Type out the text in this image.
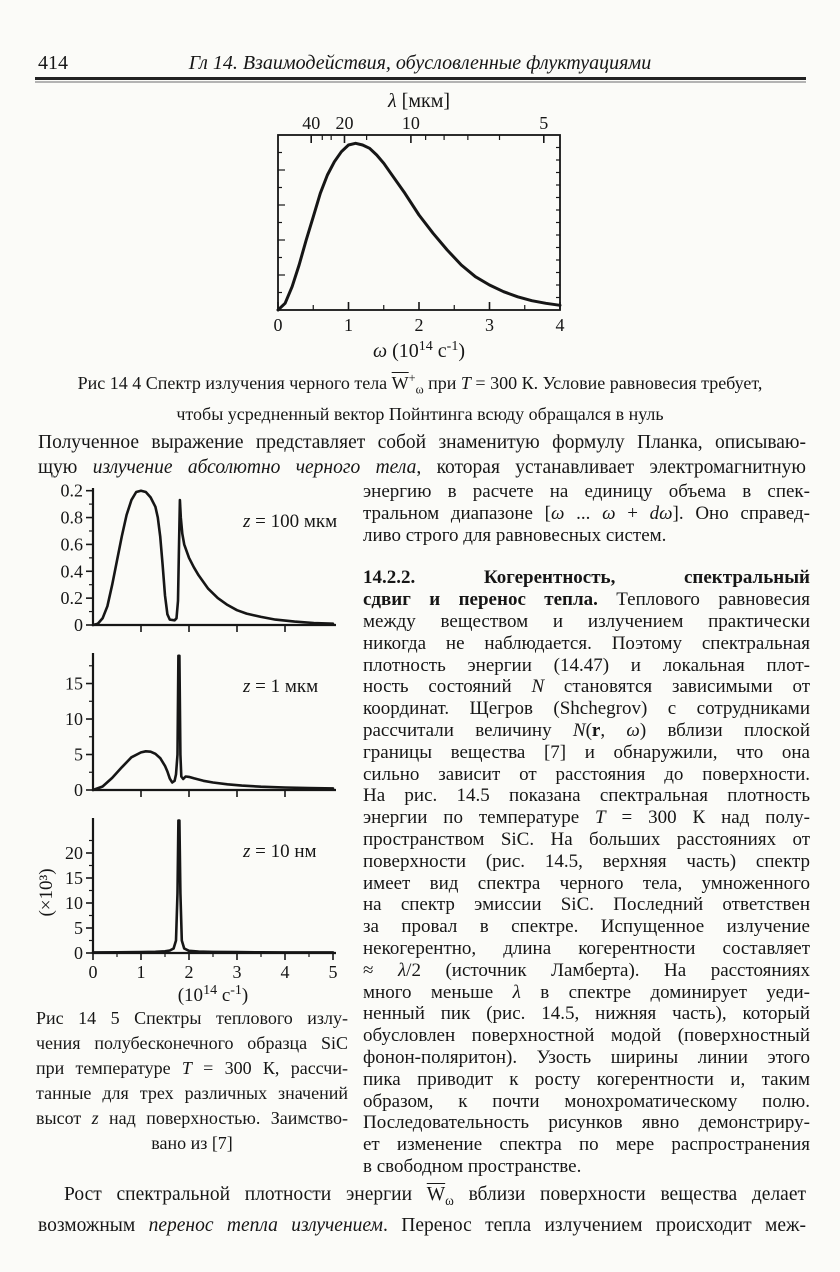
414	Гл 14. Взаимодействия, обусловленные флуктуациями
0	1	2	3	4
40 20	10	5
λ [мкм]
ω ($10^{14}$ $c^{-1}$)
0
0.2
0.4
0.6
0.8
0.2
z = 100 мкм
0
5
10
15	z = 1 мкм
0
5
10
15
20
0 1 2 3 4 5
($10^{14}$ $c^{-1}$)
(×10³)
z = 10 нм
Рис 14 4 Спектр излучения черного тела $\overline{W}^+_\omega$ при T = 300 К. Условие равновесия требует,
чтобы усредненный вектор Пойнтинга всюду обращался в нуль
Полученное выражение представляет собой знаменитую формулу Планка, описываю-
щую излучение абсолютно черного тела, которая устанавливает электромагнитную
энергию в расчете на единицу объема в спек-
тральном диапазоне [ω ... ω + dω]. Оно справед-
ливо строго для равновесных систем.
14.2.2. Когерентность, спектральный
сдвиг и перенос тепла. Теплового равновесия
между веществом и излучением практически
никогда не наблюдается. Поэтому спектральная
плотность энергии (14.47) и локальная плот-
ность состояний N становятся зависимыми от
координат. Щегров (Shchegrov) с сотрудниками
рассчитали величину N(r, ω) вблизи плоской
границы вещества [7] и обнаружили, что она
сильно зависит от расстояния до поверхности.
На рис. 14.5 показана спектральная плотность
энергии по температуре T = 300 К над полу-
пространством SiC. На больших расстояниях от
поверхности (рис. 14.5, верхняя часть) спектр
имеет вид спектра черного тела, умноженного
на спектр эмиссии SiC. Последний ответствен
за провал в спектре. Испущенное излучение
некогерентно, длина когерентности составляет
≈ λ/2 (источник Ламберта). На расстояниях
много меньше λ в спектре доминирует уеди-
ненный пик (рис. 14.5, нижняя часть), который
обусловлен поверхностной модой (поверхностный
фонон-поляритон). Узость ширины линии этого
пика приводит к росту когерентности и, таким
образом, к почти монохроматическому полю.
Последовательность рисунков явно демонстриру-
ет изменение спектра по мере распространения
в свободном пространстве.
Рис 14 5 Спектры теплового излу-
чения полубесконечного образца SiC
при температуре T = 300 К, рассчи-
танные для трех различных значений
высот z над поверхностью. Заимство-
вано из [7]
Рост спектральной плотности энергии $\overline{W}_\omega$ вблизи поверхности вещества делает
возможным перенос тепла излучением. Перенос тепла излучением происходит меж-
